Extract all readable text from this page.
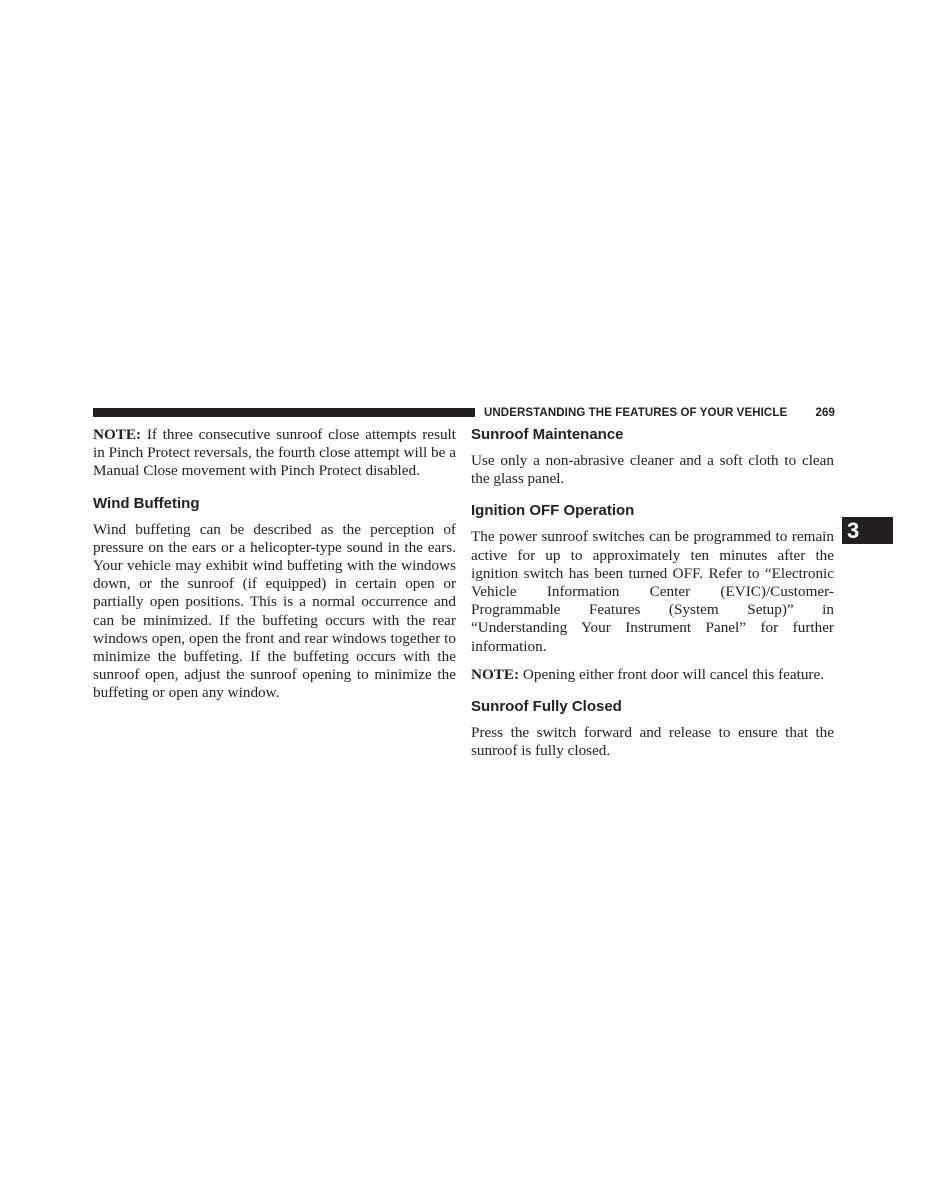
UNDERSTANDING THE FEATURES OF YOUR VEHICLE 269

NOTE: If three consecutive sunroof close attempts result in Pinch Protect reversals, the fourth close attempt will be a Manual Close movement with Pinch Protect disabled.

Wind Buffeting

Wind buffeting can be described as the perception of pressure on the ears or a helicopter-type sound in the ears. Your vehicle may exhibit wind buffeting with the windows down, or the sunroof (if equipped) in certain open or partially open positions. This is a normal occurrence and can be minimized. If the buffeting occurs with the rear windows open, open the front and rear windows together to minimize the buffeting. If the buffeting occurs with the sunroof open, adjust the sunroof opening to minimize the buffeting or open any window.

Sunroof Maintenance

Use only a non-abrasive cleaner and a soft cloth to clean the glass panel.

Ignition OFF Operation

The power sunroof switches can be programmed to remain active for up to approximately ten minutes after the ignition switch has been turned OFF. Refer to “Electronic Vehicle Information Center (EVIC)/Customer-Programmable Features (System Setup)” in “Understanding Your Instrument Panel” for further information.

NOTE: Opening either front door will cancel this feature.

Sunroof Fully Closed

Press the switch forward and release to ensure that the sunroof is fully closed.

3
